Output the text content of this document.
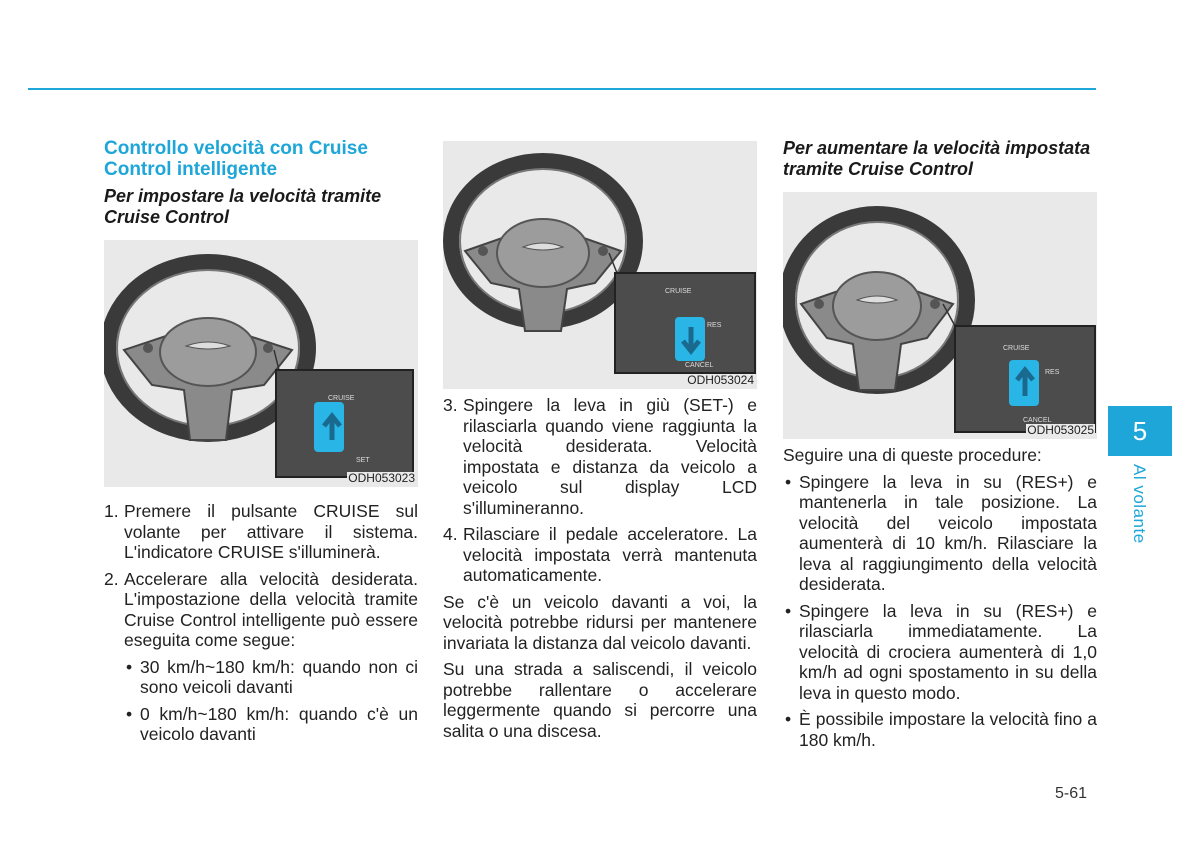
Controllo velocità con Cruise Control intelligente
Per impostare la velocità tramite Cruise Control
CRUISE
SET
ODH053023
1. Premere il pulsante CRUISE sul volante per attivare il sistema. L'indicatore CRUISE s'illuminerà.
2. Accelerare alla velocità desiderata. L'impostazione della velocità tramite Cruise Control intelligente può essere eseguita come segue:
• 30 km/h~180 km/h: quando non ci sono veicoli davanti
• 0 km/h~180 km/h: quando c'è un veicolo davanti
CRUISE
RES
CANCEL
ODH053024
3. Spingere la leva in giù (SET-) e rilasciarla quando viene raggiunta la velocità desiderata. Velocità impostata e distanza da veicolo a veicolo sul display LCD s'illumineranno.
4. Rilasciare il pedale acceleratore. La velocità impostata verrà mantenuta automaticamente.

Se c'è un veicolo davanti a voi, la velocità potrebbe ridursi per mantenere invariata la distanza dal veicolo davanti.

Su una strada a saliscendi, il veicolo potrebbe rallentare o accelerare leggermente quando si percorre una salita o una discesa.

Per aumentare la velocità impostata tramite Cruise Control
CRUISE
RES
CANCEL
ODH053025

Seguire una di queste procedure:

• Spingere la leva in su (RES+) e mantenerla in tale posizione. La velocità del veicolo impostata aumenterà di 10 km/h. Rilasciare la leva al raggiungimento della velocità desiderata.
• Spingere la leva in su (RES+) e rilasciarla immediatamente. La velocità di crociera aumenterà di 1,0 km/h ad ogni spostamento in su della leva in questo modo.
• È possibile impostare la velocità fino a 180 km/h.
5
Al volante
5-61
